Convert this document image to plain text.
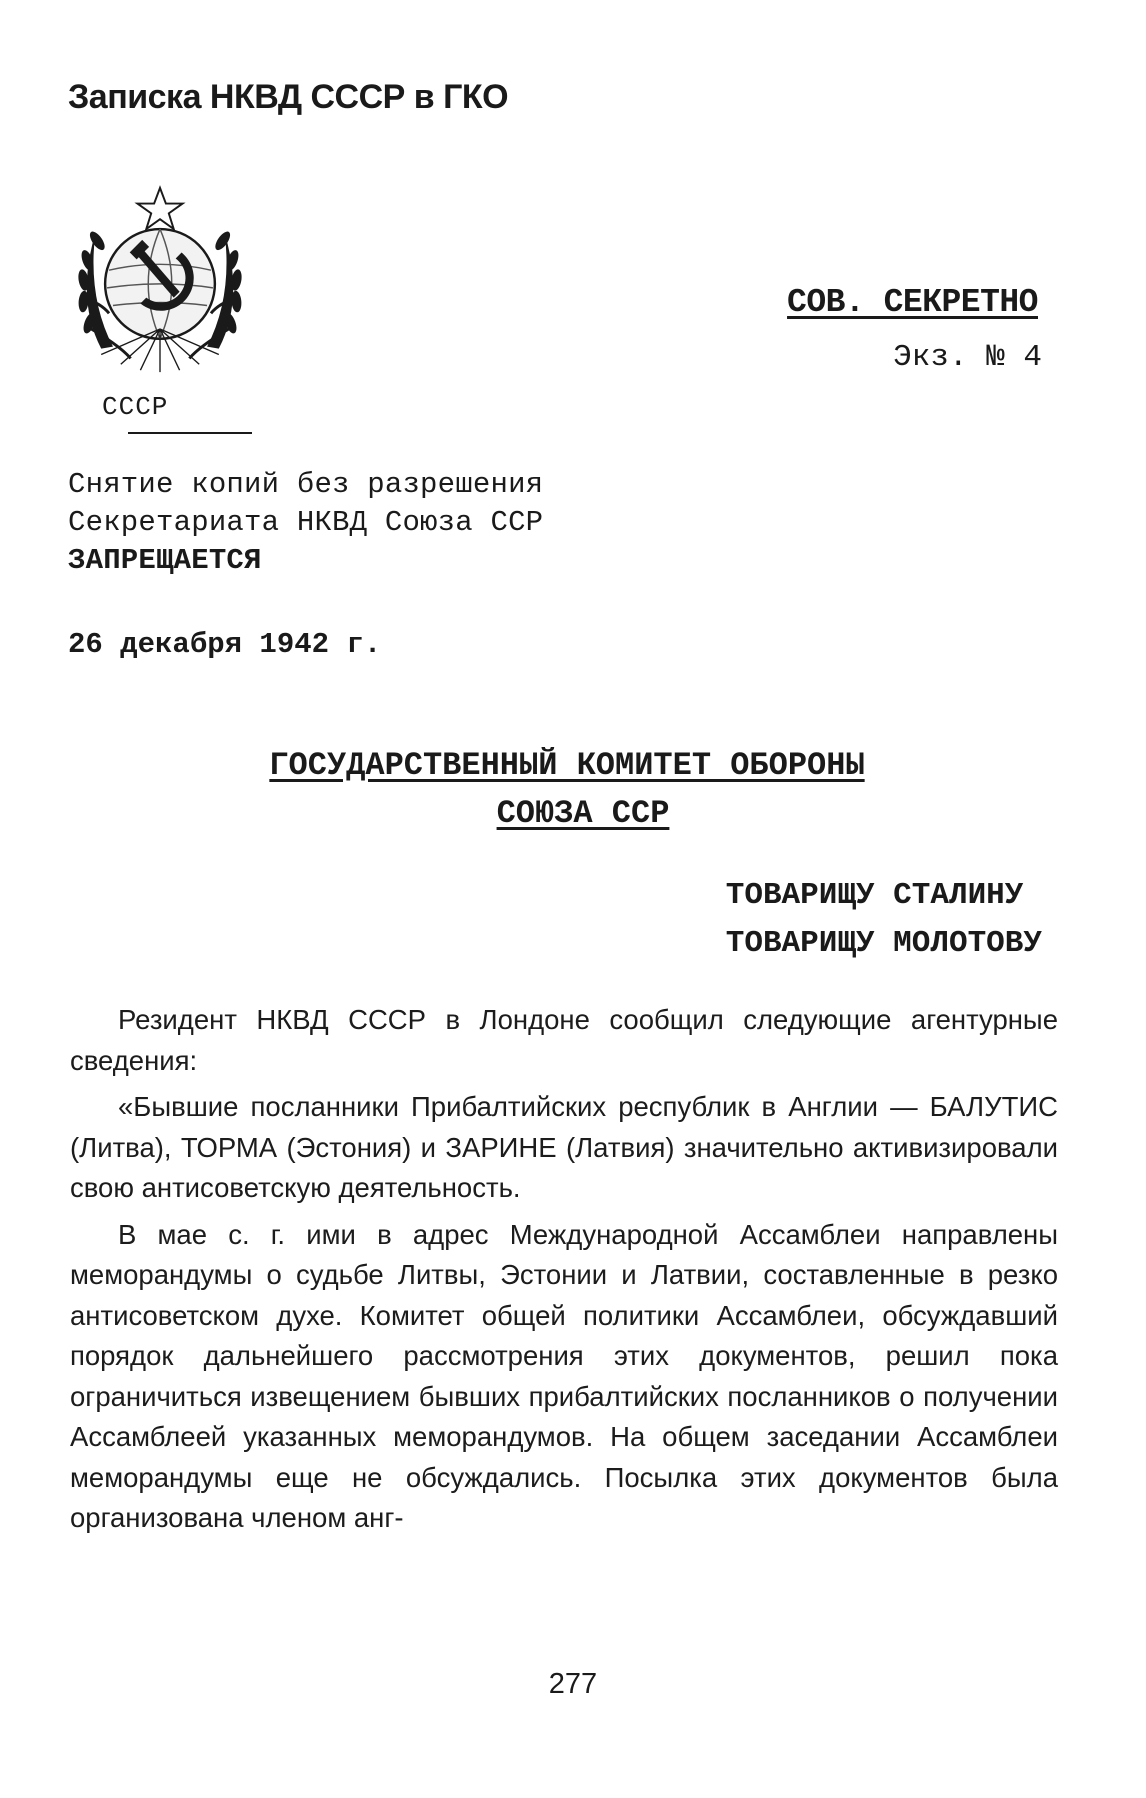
Записка НКВД СССР в ГКО
СССР
СОВ. СЕКРЕТНО
Экз. № 4
Снятие копий без разрешения
Секретариата НКВД Союза ССР
ЗАПРЕЩАЕТСЯ
26 декабря 1942 г.
ГОСУДАРСТВЕННЫЙ КОМИТЕТ ОБОРОНЫ
СОЮЗА ССР
ТОВАРИЩУ СТАЛИНУ
ТОВАРИЩУ МОЛОТОВУ

Резидент НКВД СССР в Лондоне сообщил следующие агентурные сведения:

«Бывшие посланники Прибалтийских республик в Англии — БАЛУТИС (Литва), ТОРМА (Эстония) и ЗАРИНЕ (Латвия) значительно активизировали свою антисоветскую деятельность.

В мае с. г. ими в адрес Международной Ассамблеи направлены меморандумы о судьбе Литвы, Эстонии и Латвии, составленные в резко антисоветском духе. Комитет общей политики Ассамблеи, обсуждавший порядок дальнейшего рассмотрения этих документов, решил пока ограничиться извещением бывших прибалтийских посланников о получении Ассамблеей указанных меморандумов. На общем заседании Ассамблеи меморандумы еще не обсуждались. Посылка этих документов была организована членом анг-

277
